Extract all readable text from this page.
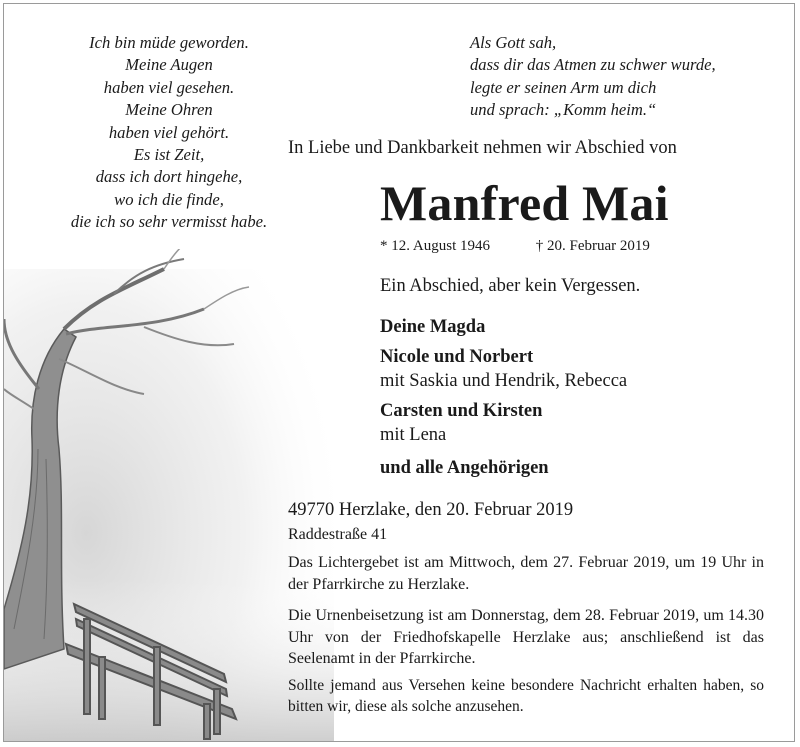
Ich bin müde geworden.
Meine Augen
haben viel gesehen.
Meine Ohren
haben viel gehört.
Es ist Zeit,
dass ich dort hingehe,
wo ich die finde,
die ich so sehr vermisst habe.
Als Gott sah,
dass dir das Atmen zu schwer wurde,
legte er seinen Arm um dich
und sprach: „Komm heim.“
In Liebe und Dankbarkeit nehmen wir Abschied von
Manfred Mai
* 12. August 1946	† 20. Februar 2019
Ein Abschied, aber kein Vergessen.
Deine Magda
Nicole und Norbert
mit Saskia und Hendrik, Rebecca
Carsten und Kirsten
mit Lena
und alle Angehörigen
49770 Herzlake, den 20. Februar 2019
Raddestraße 41
Das Lichtergebet ist am Mittwoch, dem 27. Februar 2019, um 19 Uhr in der Pfarrkirche zu Herzlake.
Die Urnenbeisetzung ist am Donnerstag, dem 28. Februar 2019, um 14.30 Uhr von der Friedhofskapelle Herzlake aus; anschließend ist das Seelenamt in der Pfarrkirche.
Sollte jemand aus Versehen keine besondere Nachricht erhalten haben, so bitten wir, diese als solche anzusehen.
